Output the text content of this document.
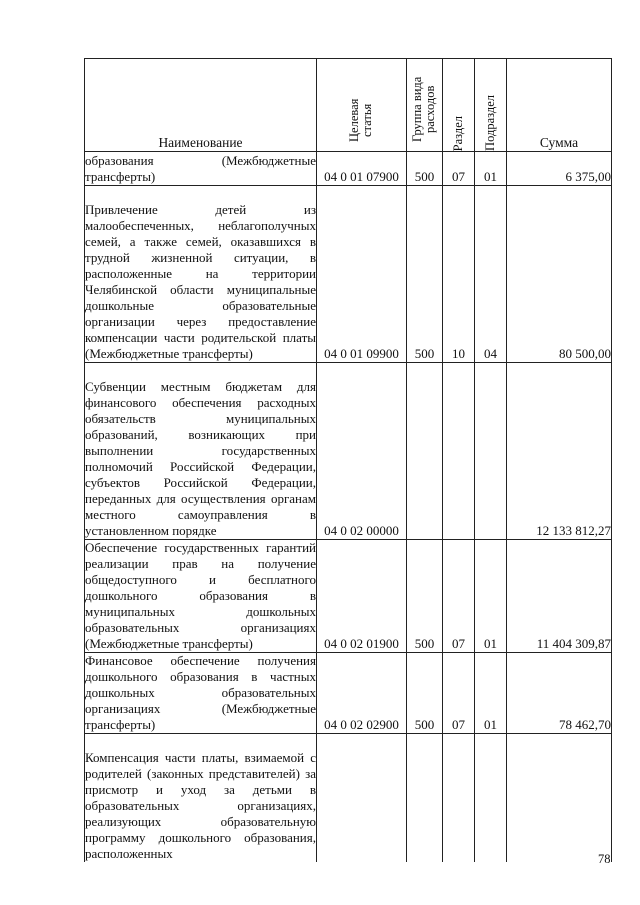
Наименование	Целевая статья	Группа вида расходов	Раздел	Подраздел	Сумма
образования (Межбюджетные трансферты)	04 0 01 07900	500	07	01	6 375,00
Привлечение детей из малообеспеченных, неблагополучных семей, а также семей, оказавшихся в трудной жизненной ситуации, в расположенные на территории Челябинской области муниципальные дошкольные образовательные организации через предоставление компенсации части родительской платы (Межбюджетные трансферты)	04 0 01 09900	500	10	04	80 500,00
Субвенции местным бюджетам для финансового обеспечения расходных обязательств муниципальных образований, возникающих при выполнении государственных полномочий Российской Федерации, субъектов Российской Федерации, переданных для осуществления органам местного самоуправления в установленном порядке	04 0 02 00000				12 133 812,27
Обеспечение государственных гарантий реализации прав на получение общедоступного и бесплатного дошкольного образования в муниципальных дошкольных образовательных организациях (Межбюджетные трансферты)	04 0 02 01900	500	07	01	11 404 309,87
Финансовое обеспечение получения дошкольного образования в частных дошкольных образовательных организациях (Межбюджетные трансферты)	04 0 02 02900	500	07	01	78 462,70
Компенсация части платы, взимаемой с родителей (законных представителей) за присмотр и уход за детьми в образовательных организациях, реализующих образовательную программу дошкольного образования, расположенных						78
